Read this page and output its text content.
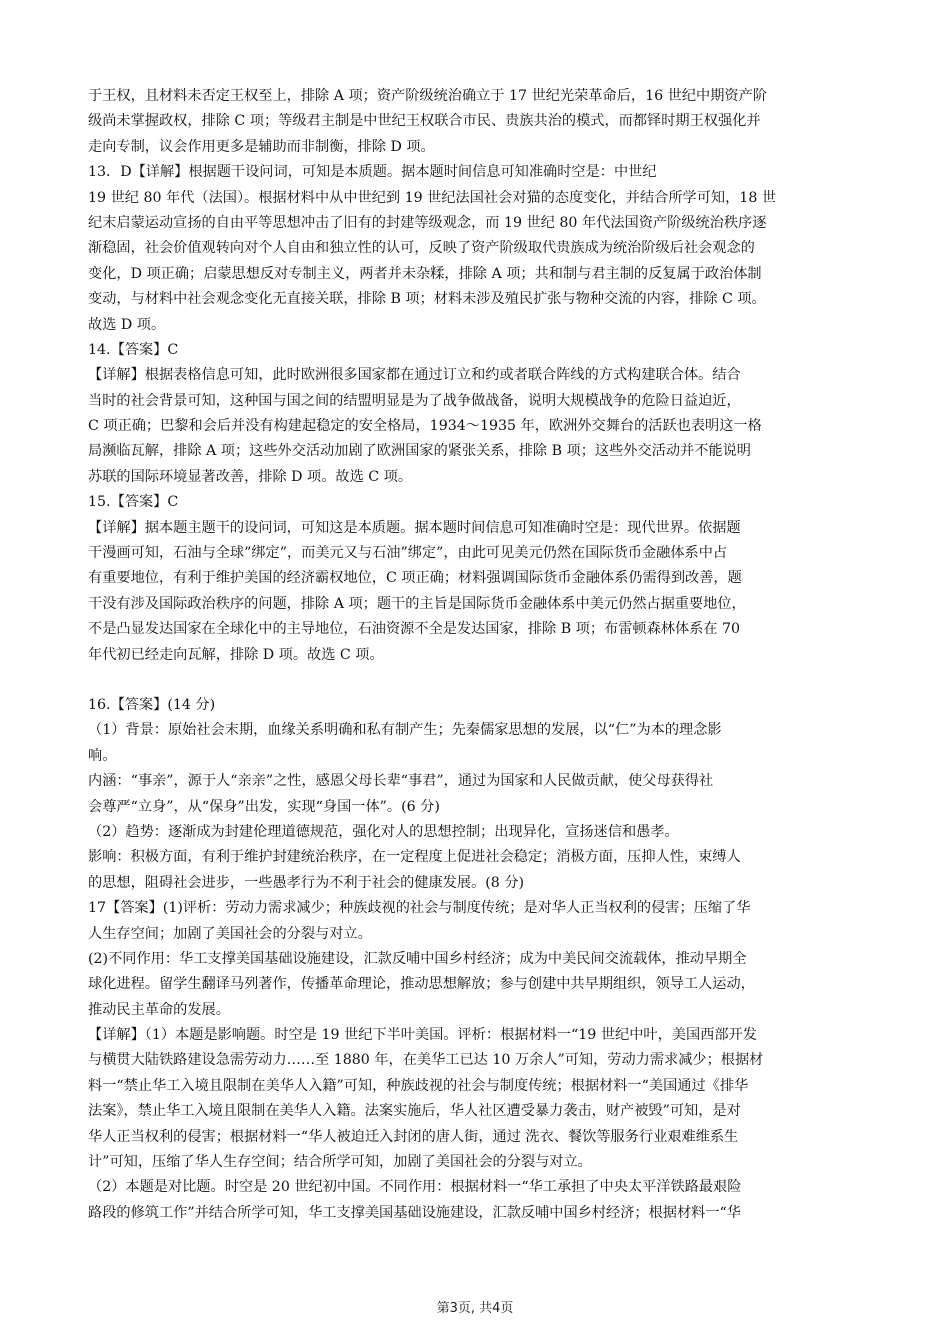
于王权，且材料未否定王权至上，排除 A 项；资产阶级统治确立于 17 世纪光荣革命后，16 世纪中期资产阶
级尚未掌握政权，排除 C 项；等级君主制是中世纪王权联合市民、贵族共治的模式，而都铎时期王权强化并
走向专制，议会作用更多是辅助而非制衡，排除 D 项。
13．D【详解】根据题干设问词，可知是本质题。据本题时间信息可知准确时空是：中世纪
19 世纪 80 年代（法国）。根据材料中从中世纪到 19 世纪法国社会对猫的态度变化，并结合所学可知，18 世
纪末启蒙运动宣扬的自由平等思想冲击了旧有的封建等级观念，而 19 世纪 80 年代法国资产阶级统治秩序逐
渐稳固，社会价值观转向对个人自由和独立性的认可，反映了资产阶级取代贵族成为统治阶级后社会观念的
变化，D 项正确；启蒙思想反对专制主义，两者并未杂糅，排除 A 项；共和制与君主制的反复属于政治体制
变动，与材料中社会观念变化无直接关联，排除 B 项；材料未涉及殖民扩张与物种交流的内容，排除 C 项。
故选 D 项。
14.【答案】C
【详解】根据表格信息可知，此时欧洲很多国家都在通过订立和约或者联合阵线的方式构建联合体。结合
当时的社会背景可知，这种国与国之间的结盟明显是为了战争做战备，说明大规模战争的危险日益迫近，
C 项正确；巴黎和会后并没有构建起稳定的安全格局，1934～1935 年，欧洲外交舞台的活跃也表明这一格
局濒临瓦解，排除 A 项；这些外交活动加剧了欧洲国家的紧张关系，排除 B 项；这些外交活动并不能说明
苏联的国际环境显著改善，排除 D 项。故选 C 项。
15.【答案】C
【详解】据本题主题干的设问词，可知这是本质题。据本题时间信息可知准确时空是：现代世界。依据题
干漫画可知，石油与全球”绑定”，而美元又与石油”绑定”，由此可见美元仍然在国际货币金融体系中占
有重要地位，有利于维护美国的经济霸权地位，C 项正确；材料强调国际货币金融体系仍需得到改善，题
干没有涉及国际政治秩序的问题，排除 A 项；题干的主旨是国际货币金融体系中美元仍然占据重要地位，
不是凸显发达国家在全球化中的主导地位，石油资源不全是发达国家，排除 B 项；布雷顿森林体系在 70
年代初已经走向瓦解，排除 D 项。故选 C 项。
16.【答案】(14 分)
（1）背景：原始社会末期，血缘关系明确和私有制产生；先秦儒家思想的发展，以“仁”为本的理念影
响。
内涵：“事亲”，源于人“亲亲”之性，感恩父母长辈“事君”，通过为国家和人民做贡献，使父母获得社
会尊严“立身”，从“保身”出发，实现“身国一体”。(6 分)
（2）趋势：逐渐成为封建伦理道德规范，强化对人的思想控制；出现异化，宣扬迷信和愚孝。
影响：积极方面，有利于维护封建统治秩序，在一定程度上促进社会稳定；消极方面，压抑人性，束缚人
的思想，阻碍社会进步，一些愚孝行为不利于社会的健康发展。(8 分)
17【答案】(1)评析：劳动力需求减少；种族歧视的社会与制度传统；是对华人正当权利的侵害；压缩了华
人生存空间；加剧了美国社会的分裂与对立。
(2)不同作用：华工支撑美国基础设施建设，汇款反哺中国乡村经济；成为中美民间交流载体，推动早期全
球化进程。留学生翻译马列著作，传播革命理论，推动思想解放；参与创建中共早期组织，领导工人运动，
推动民主革命的发展。
【详解】（1）本题是影响题。时空是 19 世纪下半叶美国。评析：根据材料一“19 世纪中叶，美国西部开发
与横贯大陆铁路建设急需劳动力……至 1880 年，在美华工已达 10 万余人”可知，劳动力需求减少；根据材
料一“禁止华工入境且限制在美华人入籍”可知，种族歧视的社会与制度传统；根据材料一“美国通过《排华
法案》，禁止华工入境且限制在美华人入籍。法案实施后，华人社区遭受暴力袭击，财产被毁”可知，是对
华人正当权利的侵害；根据材料一“华人被迫迁入封闭的唐人街，通过 洗衣、餐饮等服务行业艰难维系生
计”可知，压缩了华人生存空间；结合所学可知，加剧了美国社会的分裂与对立。
（2）本题是对比题。时空是 20 世纪初中国。不同作用：根据材料一“华工承担了中央太平洋铁路最艰险
路段的修筑工作”并结合所学可知，华工支撑美国基础设施建设，汇款反哺中国乡村经济；根据材料一“华
第3页, 共4页
